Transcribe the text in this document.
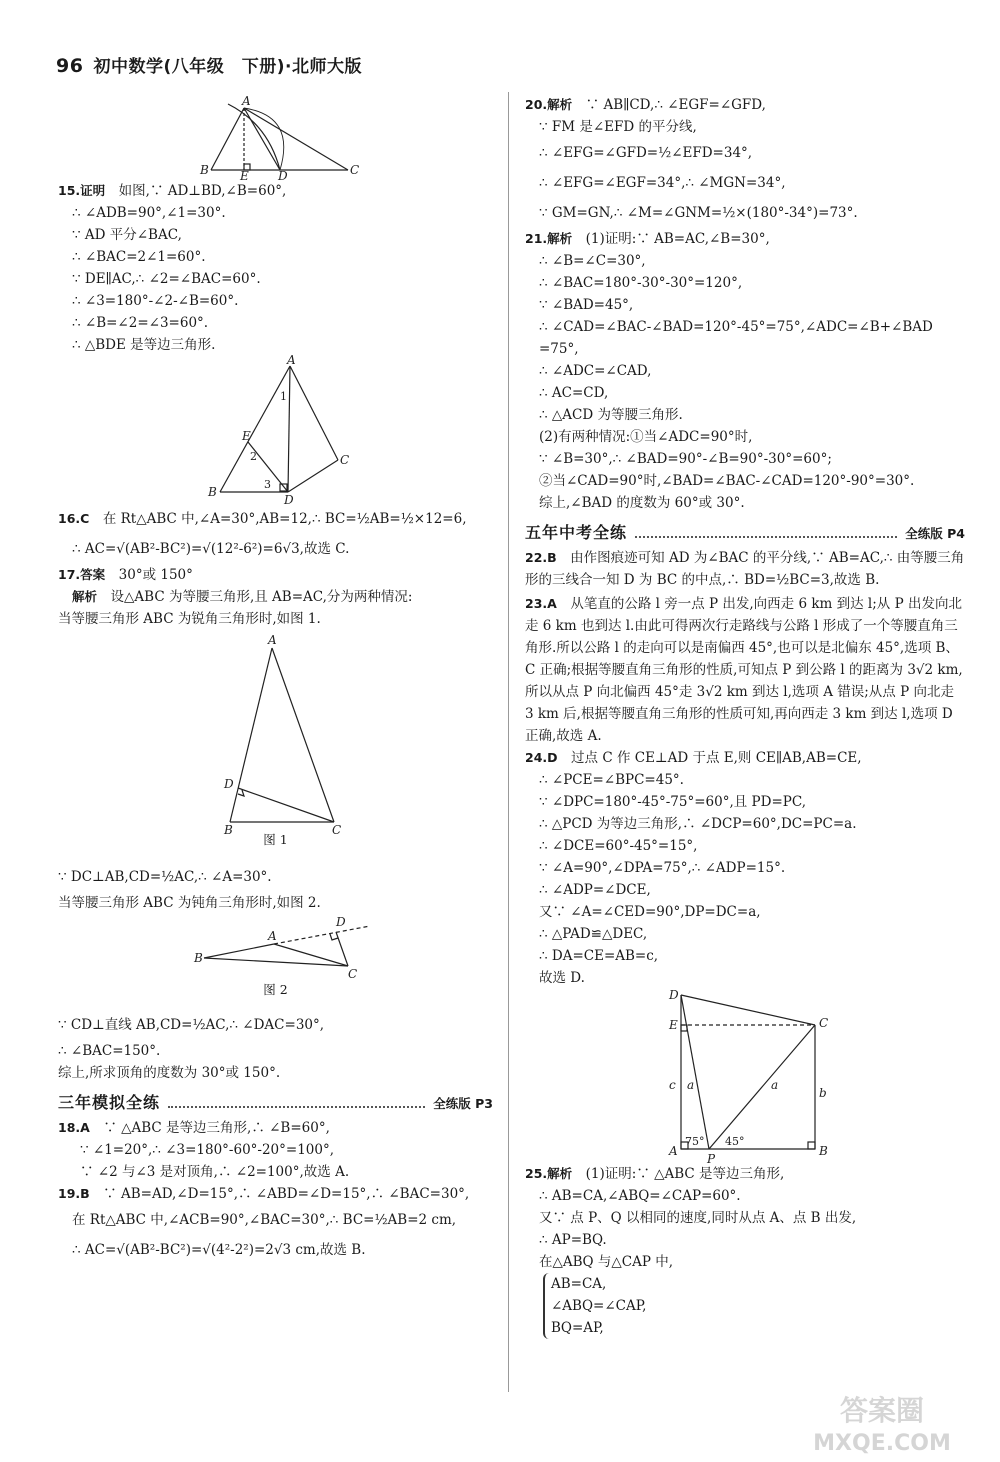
96 初中数学(八年级　下册)·北师大版
A
B	E D	C
15.证明　 如图,∵ AD⊥BD,∠B=60°,
∴ ∠ADB=90°,∠1=30°.
∵ AD 平分∠BAC,
∴ ∠BAC=2∠1=60°.
∵ DE∥AC,∴ ∠2=∠BAC=60°.
∴ ∠3=180°-∠2-∠B=60°.
∴ ∠B=∠2=∠3=60°.
∴ △BDE 是等边三角形.
A
B
E
C
D
1
2
3
16.C　 在 Rt△ABC 中,∠A=30°,AB=12,∴ BC=½AB=½×12=6,
∴ AC=√(AB²-BC²)=√(12²-6²)=6√3,故选 C.
17.答案　 30°或 150°
解析　 设△ABC 为等腰三角形,且 AB=AC,分为两种情况:
当等腰三角形 ABC 为锐角三角形时,如图 1.
A
D
B	C
图 1
∵ DC⊥AB,CD=½AC,∴ ∠A=30°.
当等腰三角形 ABC 为钝角三角形时,如图 2.
B
A
D
C
图 2
∵ CD⊥直线 AB,CD=½AC,∴ ∠DAC=30°,
∴ ∠BAC=150°.
综上,所求顶角的度数为 30°或 150°.
三年模拟全练	全练版 P3
18.A　 ∵ △ABC 是等边三角形,∴ ∠B=60°,
∵ ∠1=20°,∴ ∠3=180°-60°-20°=100°,
∵ ∠2 与∠3 是对顶角,∴ ∠2=100°,故选 A.
19.B　 ∵ AB=AD,∠D=15°,∴ ∠ABD=∠D=15°,∴ ∠BAC=30°,
在 Rt△ABC 中,∠ACB=90°,∠BAC=30°,∴ BC=½AB=2 cm,
∴ AC=√(AB²-BC²)=√(4²-2²)=2√3 cm,故选 B.
20.解析　 ∵ AB∥CD,∴ ∠EGF=∠GFD,
∵ FM 是∠EFD 的平分线,
∴ ∠EFG=∠GFD=½∠EFD=34°,
∴ ∠EFG=∠EGF=34°,∴ ∠MGN=34°,
∵ GM=GN,∴ ∠M=∠GNM=½×(180°-34°)=73°.
21.解析　 (1)证明:∵ AB=AC,∠B=30°,
∴ ∠B=∠C=30°,
∴ ∠BAC=180°-30°-30°=120°,
∵ ∠BAD=45°,
∴ ∠CAD=∠BAC-∠BAD=120°-45°=75°,∠ADC=∠B+∠BAD
=75°,
∴ ∠ADC=∠CAD,
∴ AC=CD,
∴ △ACD 为等腰三角形.
(2)有两种情况:①当∠ADC=90°时,
∵ ∠B=30°,∴ ∠BAD=90°-∠B=90°-30°=60°;
②当∠CAD=90°时,∠BAD=∠BAC-∠CAD=120°-90°=30°.
综上,∠BAD 的度数为 60°或 30°.
五年中考全练	全练版 P4
22.B　 由作图痕迹可知 AD 为∠BAC 的平分线,∵ AB=AC,∴ 由等腰三角形的三线合一知 D 为 BC 的中点,∴ BD=½BC=3,故选 B.
23.A　 从笔直的公路 l 旁一点 P 出发,向西走 6 km 到达 l;从 P 出发向北走 6 km 也到达 l.由此可得两次行走路线与公路 l 形成了一个等腰直角三角形.所以公路 l 的走向可以是南偏西 45°,也可以是北偏东 45°,选项 B、C 正确;根据等腰直角三角形的性质,可知点 P 到公路 l 的距离为 3√2 km,所以从点 P 向北偏西 45°走 3√2 km 到达 l,选项 A 错误;从点 P 向北走 3 km 后,根据等腰直角三角形的性质可知,再向西走 3 km 到达 l,选项 D 正确,故选 A.
24.D　 过点 C 作 CE⊥AD 于点 E,则 CE∥AB,AB=CE,
∴ ∠PCE=∠BPC=45°.
∵ ∠DPC=180°-45°-75°=60°,且 PD=PC,
∴ △PCD 为等边三角形,∴ ∠DCP=60°,DC=PC=a.
∴ ∠DCE=60°-45°=15°,
∵ ∠A=90°,∠DPA=75°,∴ ∠ADP=15°.
∴ ∠ADP=∠DCE,
又∵ ∠A=∠CED=90°,DP=DC=a,
∴ △PAD≌△DEC,
∴ DA=CE=AB=c,
故选 D.
D
E	C
A	B
P
c a	a
b
75° 45°
25.解析　 (1)证明:∵ △ABC 是等边三角形,
∴ AB=CA,∠ABQ=∠CAP=60°.
又∵ 点 P、Q 以相同的速度,同时从点 A、点 B 出发,
∴ AP=BQ.
在△ABQ 与△CAP 中,
AB=CA,
∠ABQ=∠CAP,
BQ=AP,
答案圈
MXQE.COM
